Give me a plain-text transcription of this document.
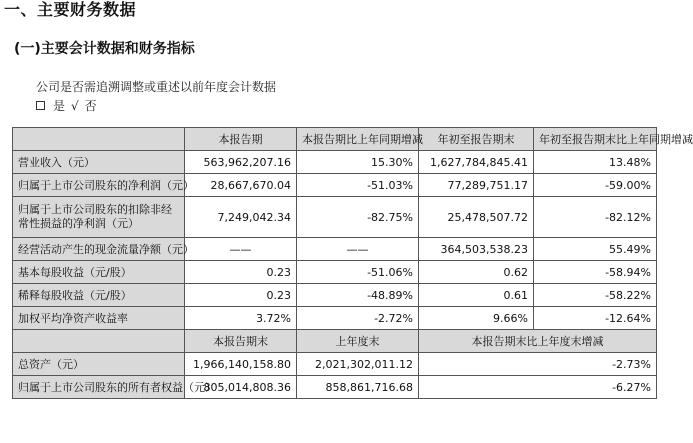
一、主要财务数据
(一)主要会计数据和财务指标
公司是否需追溯调整或重述以前年度会计数据
是 √ 否
	本报告期	本报告期比上年同期增减	年初至报告期末	年初至报告期末比上年同期增减
营业收入（元）	563,962,207.16	15.30%	1,627,784,845.41	13.48%
归属于上市公司股东的净利润（元）	28,667,670.04	-51.03%	77,289,751.17	-59.00%
归属于上市公司股东的扣除非经常性损益的净利润（元）	7,249,042.34	-82.75%	25,478,507.72	-82.12%
经营活动产生的现金流量净额（元）	——	——	364,503,538.23	55.49%
基本每股收益（元/股）	0.23	-51.06%	0.62	-58.94%
稀释每股收益（元/股）	0.23	-48.89%	0.61	-58.22%
加权平均净资产收益率	3.72%	-2.72%	9.66%	-12.64%
	本报告期末	上年度末	本报告期末比上年度末增减	
总资产（元）	1,966,140,158.80	2,021,302,011.12	-2.73%	
归属于上市公司股东的所有者权益（元）	805,014,808.36	858,861,716.68	-6.27%	
